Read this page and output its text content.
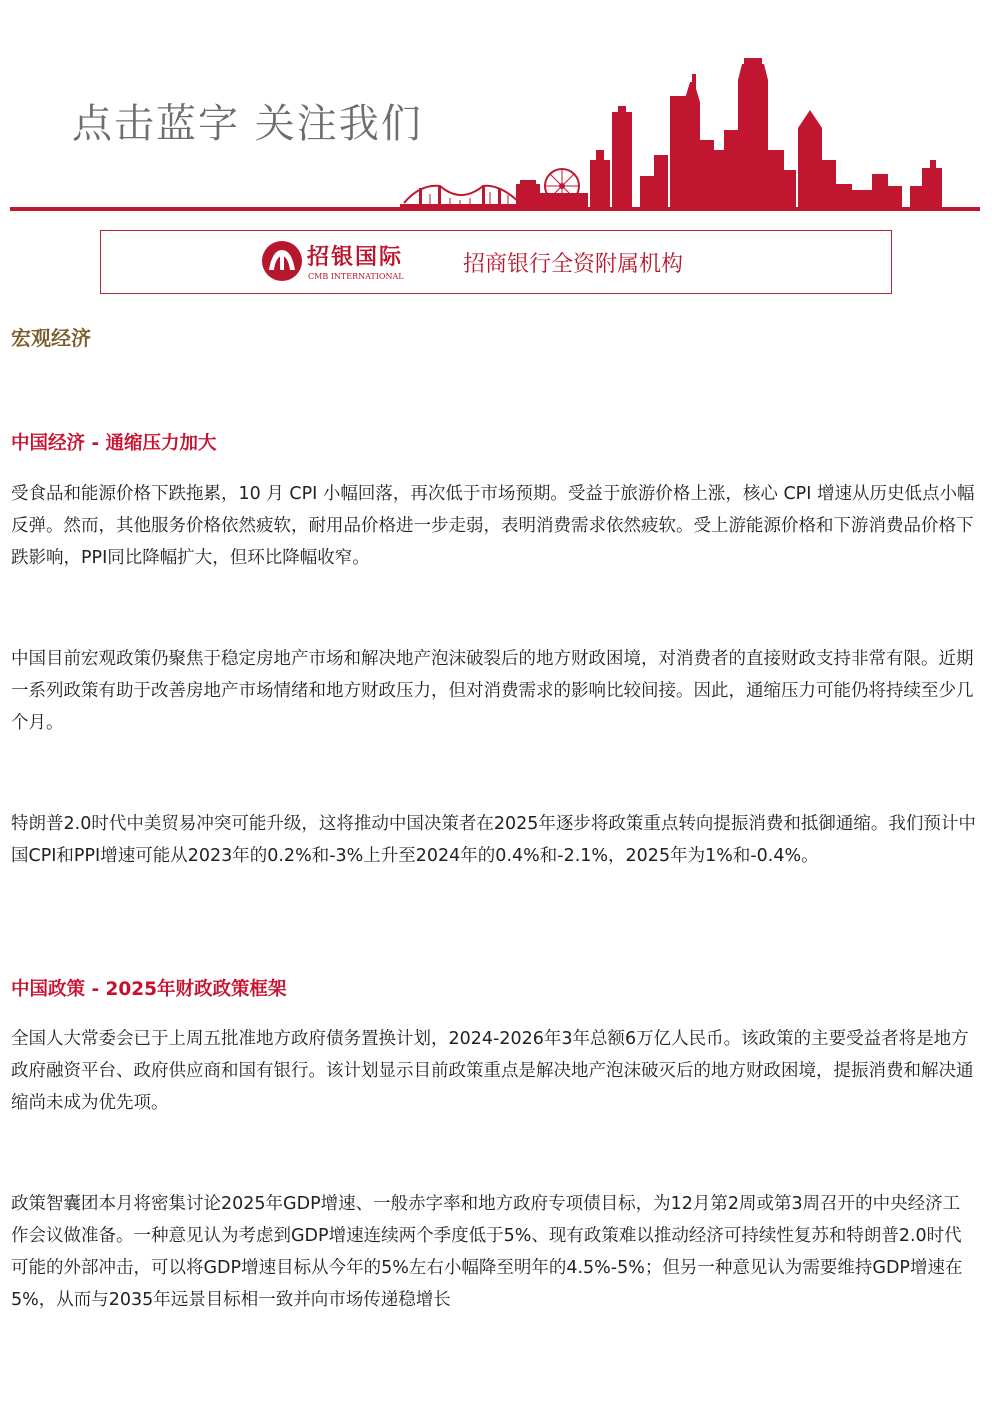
点击蓝字 关注我们
招银国际
CMB INTERNATIONAL	招商银行全资附属机构
宏观经济
中国经济 - 通缩压力加大
受食品和能源价格下跌拖累，10 月 CPI 小幅回落，再次低于市场预期。受益于旅游价格上涨，核心 CPI 增速从历史低点小幅反弹。然而，其他服务价格依然疲软，耐用品价格进一步走弱，表明消费需求依然疲软。受上游能源价格和下游消费品价格下跌影响，PPI同比降幅扩大，但环比降幅收窄。
中国目前宏观政策仍聚焦于稳定房地产市场和解决地产泡沫破裂后的地方财政困境，对消费者的直接财政支持非常有限。近期一系列政策有助于改善房地产市场情绪和地方财政压力，但对消费需求的影响比较间接。因此，通缩压力可能仍将持续至少几个月。
特朗普2.0时代中美贸易冲突可能升级，这将推动中国决策者在2025年逐步将政策重点转向提振消费和抵御通缩。我们预计中国CPI和PPI增速可能从2023年的0.2%和-3%上升至2024年的0.4%和-2.1%，2025年为1%和-0.4%。
中国政策 - 2025年财政政策框架
全国人大常委会已于上周五批准地方政府债务置换计划，2024-2026年3年总额6万亿人民币。该政策的主要受益者将是地方政府融资平台、政府供应商和国有银行。该计划显示目前政策重点是解决地产泡沫破灭后的地方财政困境，提振消费和解决通缩尚未成为优先项。
政策智囊团本月将密集讨论2025年GDP增速、一般赤字率和地方政府专项债目标，为12月第2周或第3周召开的中央经济工作会议做准备。一种意见认为考虑到GDP增速连续两个季度低于5%、现有政策难以推动经济可持续性复苏和特朗普2.0时代可能的外部冲击，可以将GDP增速目标从今年的5%左右小幅降至明年的4.5%-5%；但另一种意见认为需要维持GDP增速在5%，从而与2035年远景目标相一致并向市场传递稳增长
